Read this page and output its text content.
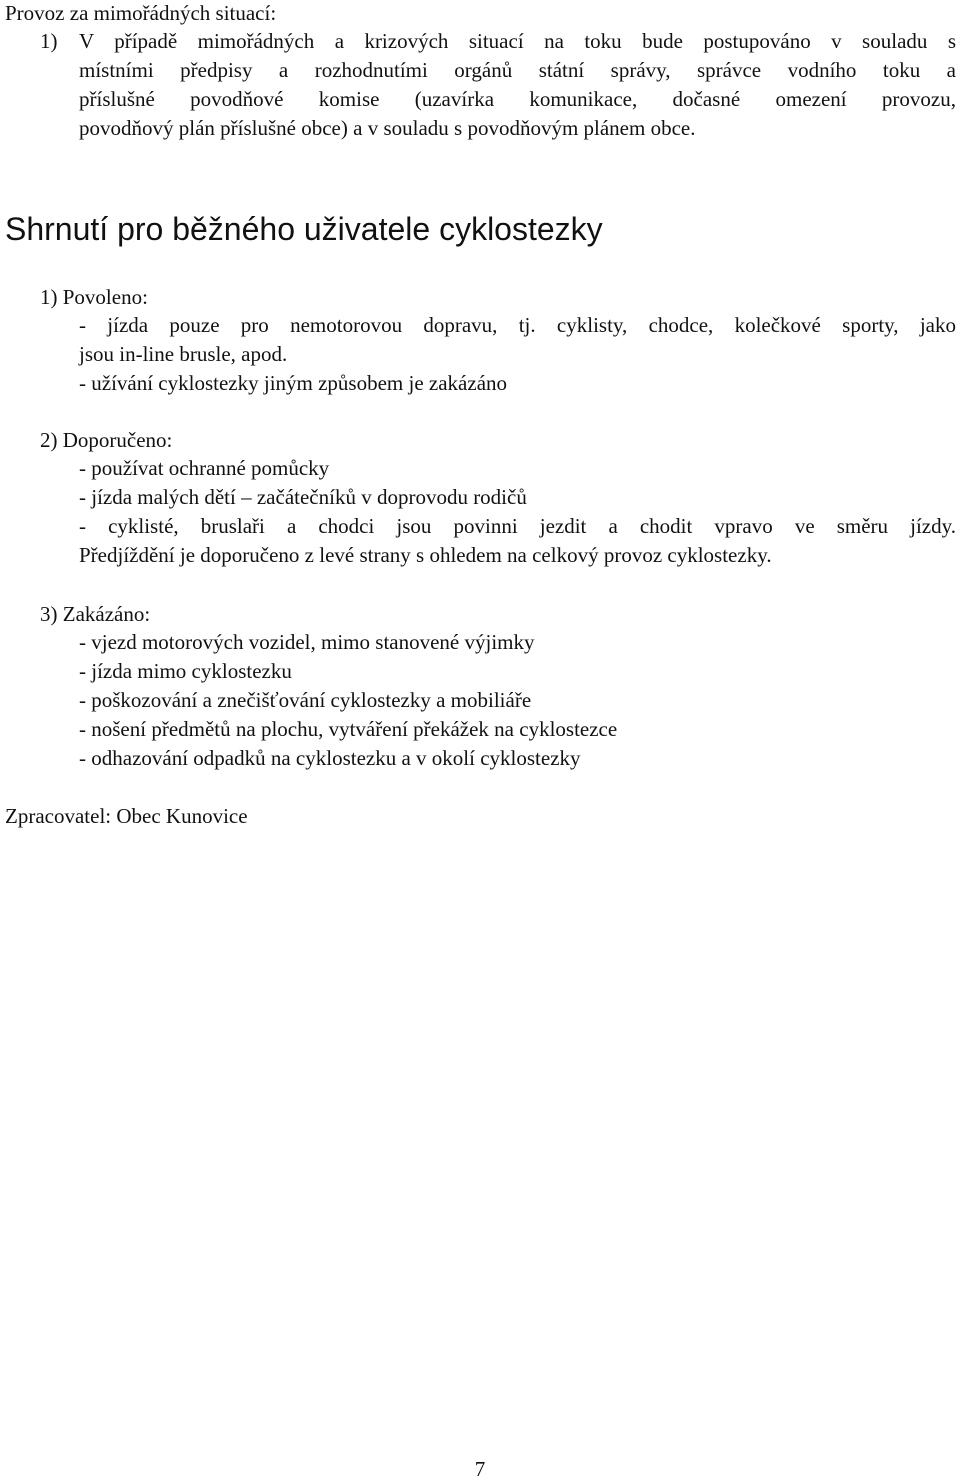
Provoz za mimořádných situací:
1) V případě mimořádných a krizových situací na toku bude postupováno v souladu s
místními předpisy a rozhodnutími orgánů státní správy, správce vodního toku a
příslušné povodňové komise (uzavírka komunikace, dočasné omezení provozu,
povodňový plán příslušné obce) a v souladu s povodňovým plánem obce.
Shrnutí pro běžného uživatele cyklostezky
1) Povoleno:
- jízda pouze pro nemotorovou dopravu, tj. cyklisty, chodce, kolečkové sporty, jako
jsou in-line brusle, apod.
- užívání cyklostezky jiným způsobem je zakázáno
2) Doporučeno:
- používat ochranné pomůcky
- jízda malých dětí – začátečníků v doprovodu rodičů
- cyklisté, bruslaři a chodci jsou povinni jezdit a chodit vpravo ve směru jízdy.
Předjíždění je doporučeno z levé strany s ohledem na celkový provoz cyklostezky.
3) Zakázáno:
- vjezd motorových vozidel, mimo stanovené výjimky
- jízda mimo cyklostezku
- poškozování a znečišťování cyklostezky a mobiliáře
- nošení předmětů na plochu, vytváření překážek na cyklostezce
- odhazování odpadků na cyklostezku a v okolí cyklostezky
Zpracovatel: Obec Kunovice
7
